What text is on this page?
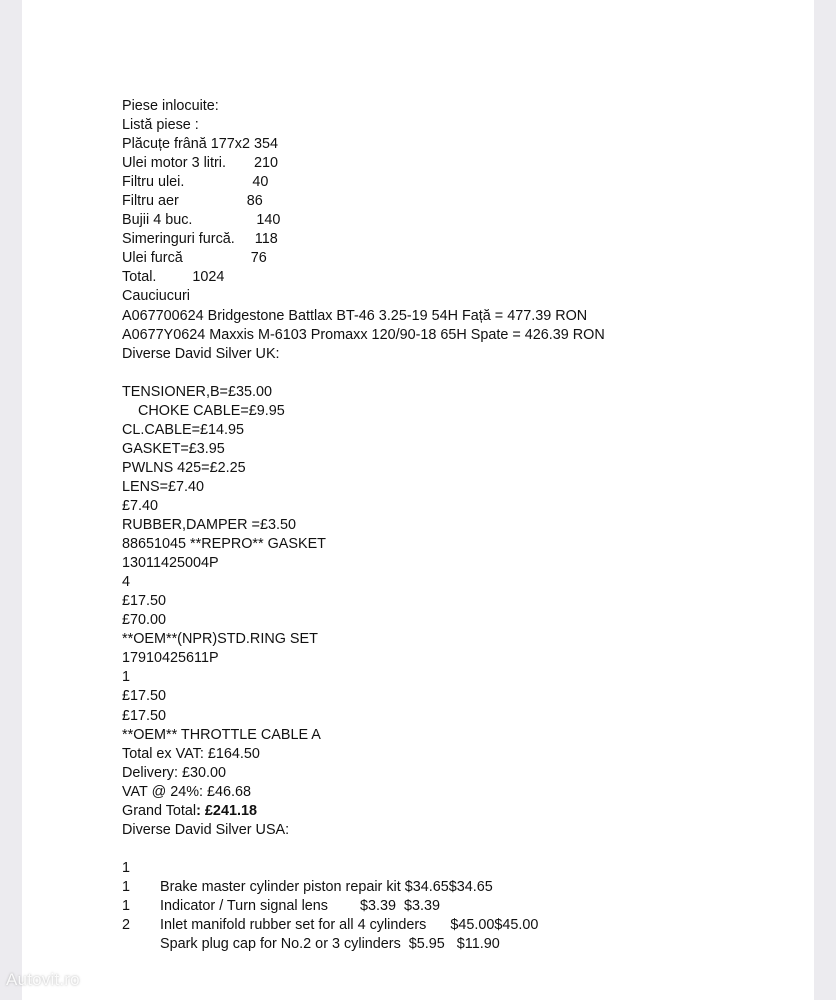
Piese inlocuite:
Listă piese :
Plăcuțe frână 177x2 354
Ulei motor 3 litri.       210
Filtru ulei.                 40
Filtru aer                 86
Bujii 4 buc.                140
Simeringuri furcă.     118
Ulei furcă                 76
Total.         1024
Cauciucuri
A067700624 Bridgestone Battlax BT-46 3.25-19 54H Față = 477.39 RON
A0677Y0624 Maxxis M-6103 Promaxx 120/90-18 65H Spate = 426.39 RON
Diverse David Silver UK:
TENSIONER,B=£35.00
CHOKE CABLE=£9.95
CL.CABLE=£14.95
GASKET=£3.95
PWLNS 425=£2.25
LENS=£7.40
£7.40
RUBBER,DAMPER =£3.50
88651045 **REPRO** GASKET
13011425004P
4
£17.50
£70.00
**OEM**(NPR)STD.RING SET
17910425611P
1
£17.50
£17.50
**OEM** THROTTLE CABLE A
Total ex VAT: £164.50
Delivery: £30.00
VAT @ 24%: £46.68
Grand Total: £241.18
Diverse David Silver USA:

1

Brake master cylinder piston repair kit $34.65$34.65

1

Indicator / Turn signal lens        $3.39  $3.39

1

Inlet manifold rubber set for all 4 cylinders      $45.00$45.00

2

Spark plug cap for No.2 or 3 cylinders  $5.95   $11.90

Autovit.ro
